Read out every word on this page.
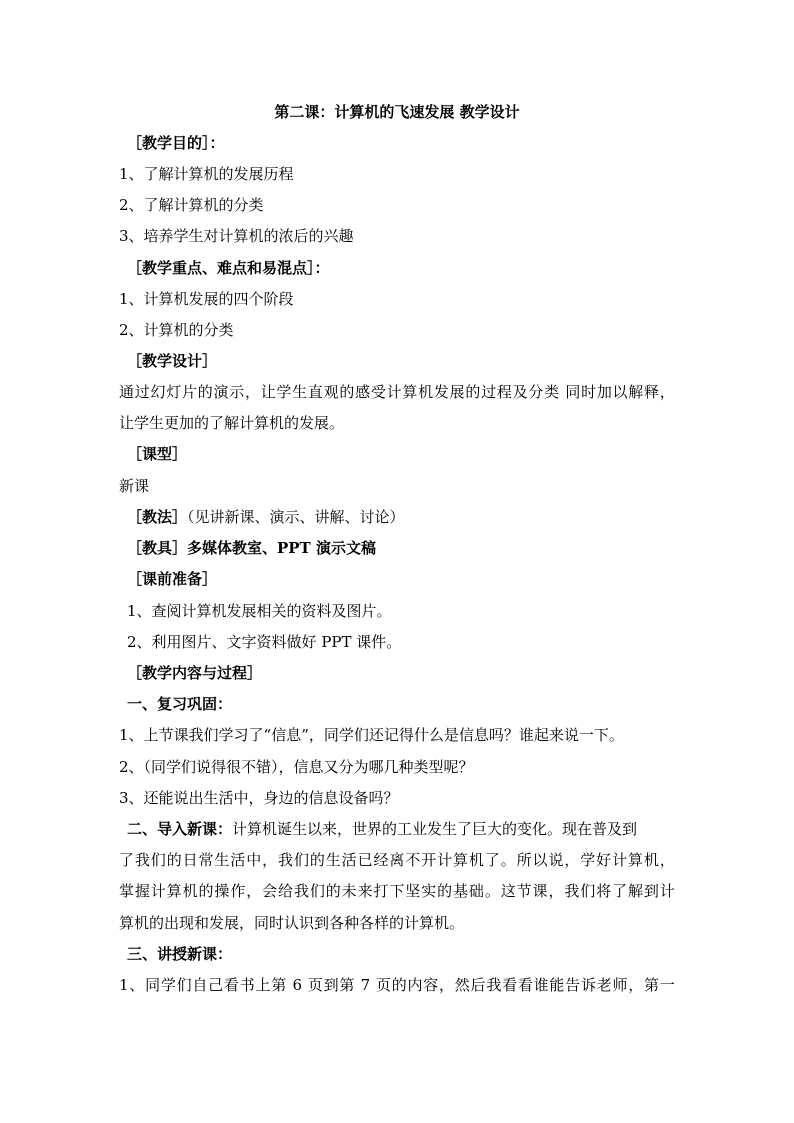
第二课：计算机的飞速发展 教学设计
［教学目的］：
1、了解计算机的发展历程
2、了解计算机的分类
3、培养学生对计算机的浓后的兴趣
［教学重点、难点和易混点］：
1、计算机发展的四个阶段
2、计算机的分类
［教学设计］
通过幻灯片的演示，让学生直观的感受计算机发展的过程及分类 同时加以解释，
让学生更加的了解计算机的发展。
［课型］
新课
［教法］（见讲新课、演示、讲解、讨论）
［教具］多媒体教室、PPT 演示文稿
［课前准备］
1、查阅计算机发展相关的资料及图片。
2、利用图片、文字资料做好 PPT 课件。
［教学内容与过程］
一、复习巩固：
1、上节课我们学习了“信息”，同学们还记得什么是信息吗？谁起来说一下。
2、（同学们说得很不错），信息又分为哪几种类型呢？
3、还能说出生活中，身边的信息设备吗？
二、导入新课：计算机诞生以来，世界的工业发生了巨大的变化。现在普及到
了我们的日常生活中，我们的生活已经离不开计算机了。所以说，学好计算机，
掌握计算机的操作，会给我们的未来打下坚实的基础。这节课，我们将了解到计
算机的出现和发展，同时认识到各种各样的计算机。
三、讲授新课：
1、同学们自己看书上第 6 页到第 7 页的内容，然后我看看谁能告诉老师，第一
